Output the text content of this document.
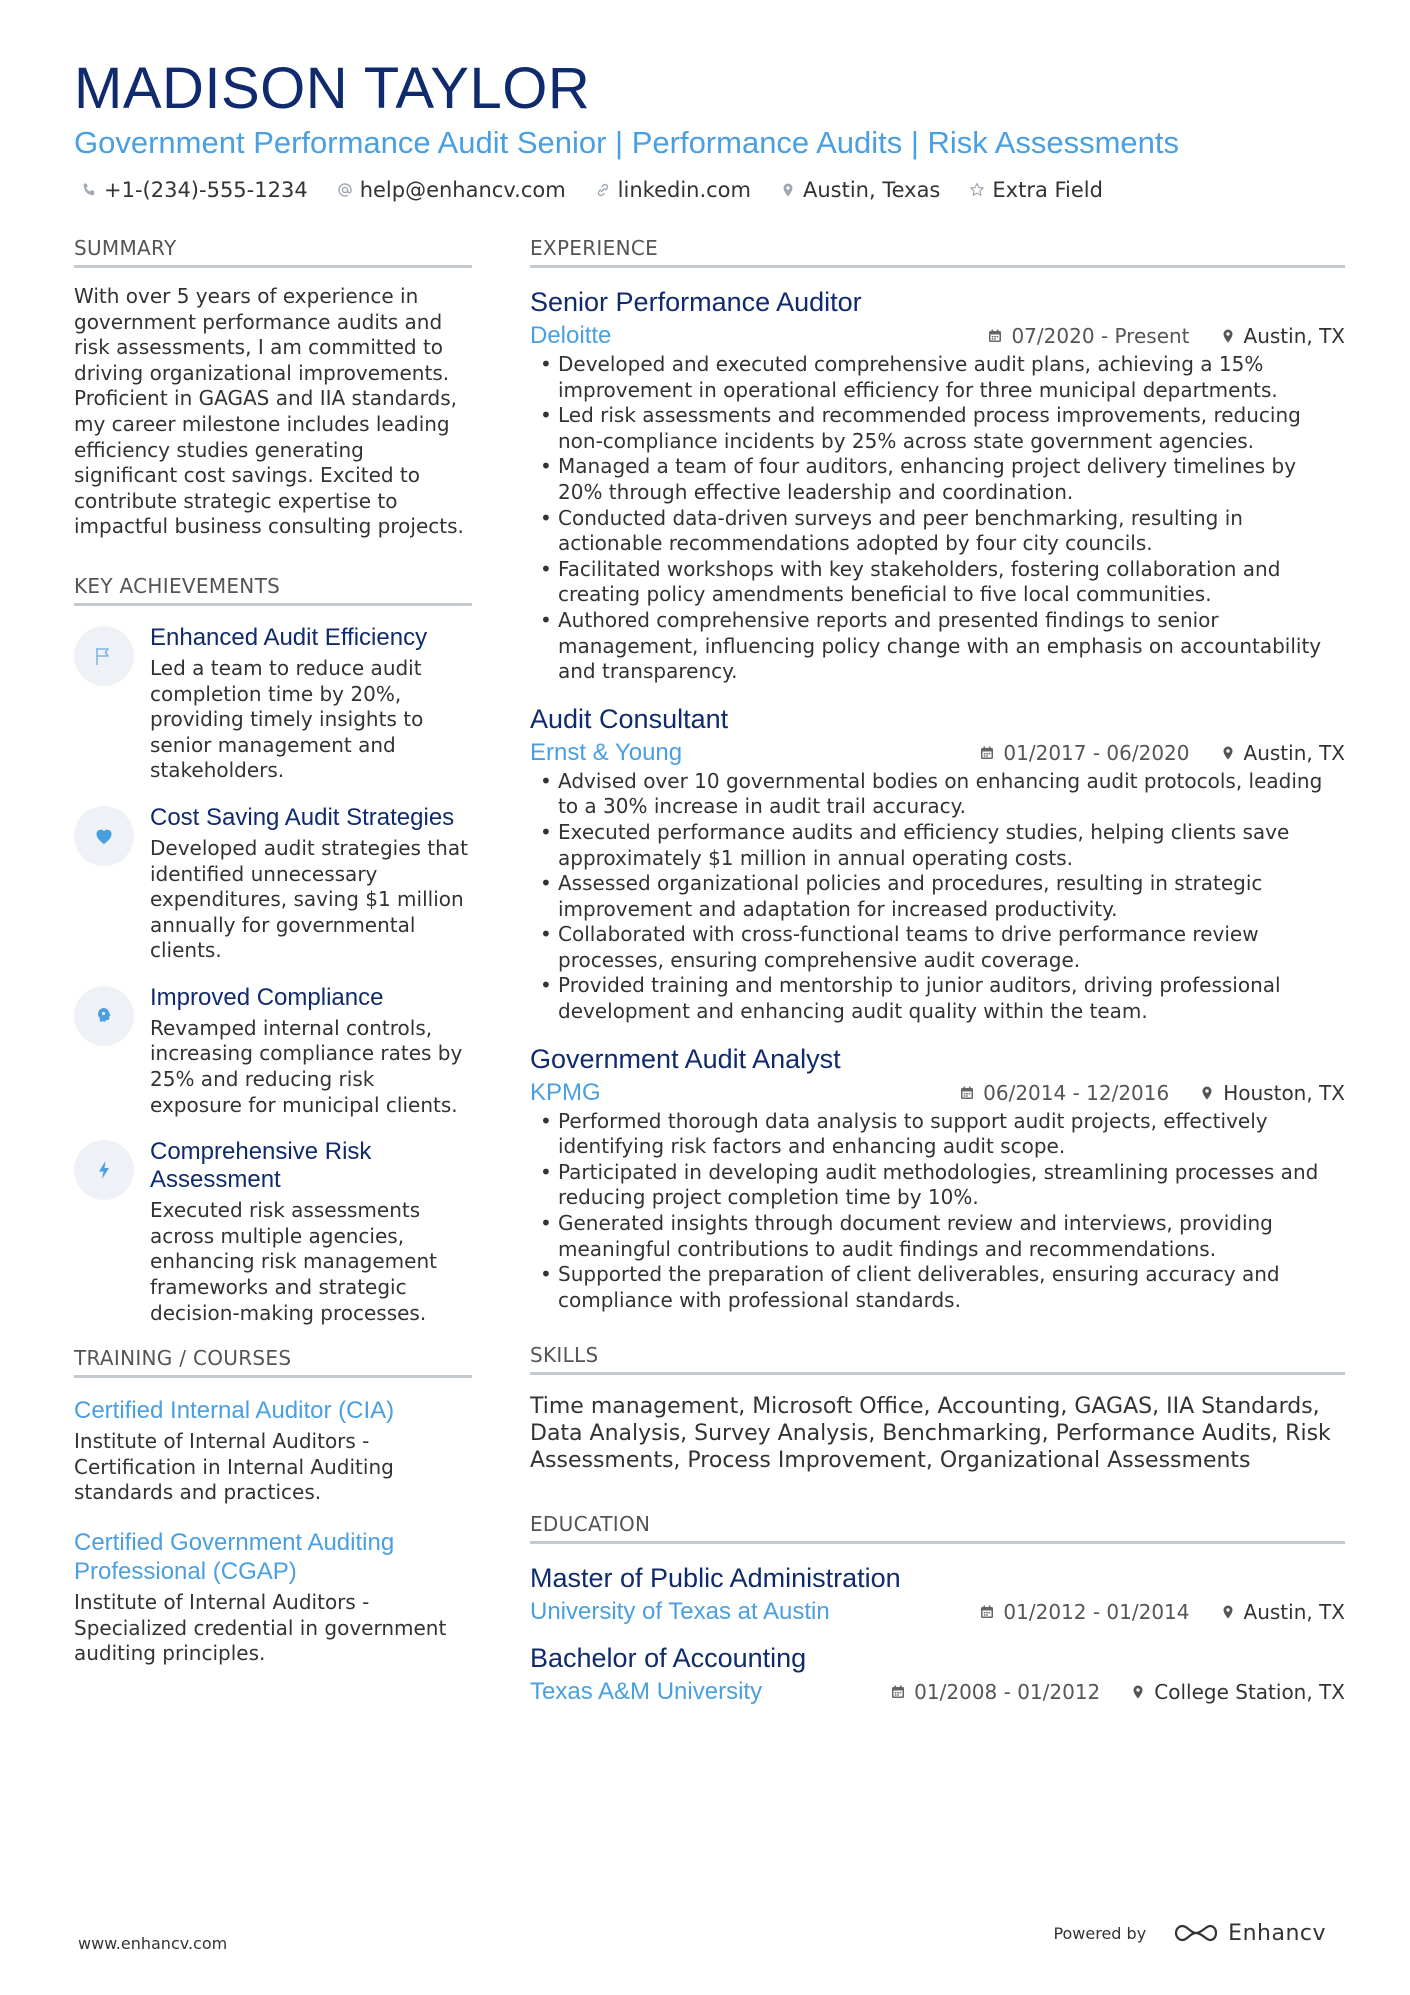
MADISON TAYLOR
Government Performance Audit Senior | Performance Audits | Risk Assessments
+1-(234)-555-1234 help@enhancv.com linkedin.com Austin, Texas Extra Field
SUMMARY
With over 5 years of experience in government performance audits and risk assessments, I am committed to driving organizational improvements. Proficient in GAGAS and IIA standards, my career milestone includes leading efficiency studies generating significant cost savings. Excited to contribute strategic expertise to impactful business consulting projects.
KEY ACHIEVEMENTS
Enhanced Audit Efficiency
Led a team to reduce audit completion time by 20%, providing timely insights to senior management and stakeholders.
Cost Saving Audit Strategies
Developed audit strategies that identified unnecessary expenditures, saving $1 million annually for governmental clients.
Improved Compliance
Revamped internal controls, increasing compliance rates by 25% and reducing risk exposure for municipal clients.
Comprehensive Risk Assessment
Executed risk assessments across multiple agencies, enhancing risk management frameworks and strategic decision-making processes.
TRAINING / COURSES
Certified Internal Auditor (CIA)
Institute of Internal Auditors - Certification in Internal Auditing standards and practices.
Certified Government Auditing Professional (CGAP)
Institute of Internal Auditors - Specialized credential in government auditing principles.
EXPERIENCE
Senior Performance Auditor
Deloitte	07/2020 - Present	Austin, TX
• Developed and executed comprehensive audit plans, achieving a 15% improvement in operational efficiency for three municipal departments.
• Led risk assessments and recommended process improvements, reducing non-compliance incidents by 25% across state government agencies.
• Managed a team of four auditors, enhancing project delivery timelines by 20% through effective leadership and coordination.
• Conducted data-driven surveys and peer benchmarking, resulting in actionable recommendations adopted by four city councils.
• Facilitated workshops with key stakeholders, fostering collaboration and creating policy amendments beneficial to five local communities.
• Authored comprehensive reports and presented findings to senior management, influencing policy change with an emphasis on accountability and transparency.
Audit Consultant
Ernst & Young	01/2017 - 06/2020	Austin, TX
• Advised over 10 governmental bodies on enhancing audit protocols, leading to a 30% increase in audit trail accuracy.
• Executed performance audits and efficiency studies, helping clients save approximately $1 million in annual operating costs.
• Assessed organizational policies and procedures, resulting in strategic improvement and adaptation for increased productivity.
• Collaborated with cross-functional teams to drive performance review processes, ensuring comprehensive audit coverage.
• Provided training and mentorship to junior auditors, driving professional development and enhancing audit quality within the team.
Government Audit Analyst
KPMG	06/2014 - 12/2016	Houston, TX
• Performed thorough data analysis to support audit projects, effectively identifying risk factors and enhancing audit scope.
• Participated in developing audit methodologies, streamlining processes and reducing project completion time by 10%.
• Generated insights through document review and interviews, providing meaningful contributions to audit findings and recommendations.
• Supported the preparation of client deliverables, ensuring accuracy and compliance with professional standards.
SKILLS
Time management, Microsoft Office, Accounting, GAGAS, IIA Standards, Data Analysis, Survey Analysis, Benchmarking, Performance Audits, Risk Assessments, Process Improvement, Organizational Assessments
EDUCATION
Master of Public Administration
University of Texas at Austin	01/2012 - 01/2014	Austin, TX
Bachelor of Accounting
Texas A&M University	01/2008 - 01/2012	College Station, TX
www.enhancv.com
Powered by	Enhancv
